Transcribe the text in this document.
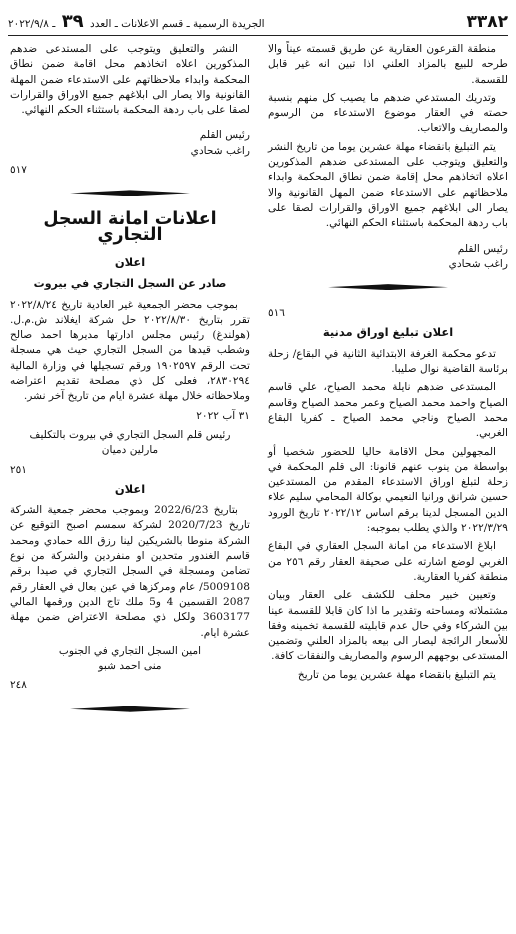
٣٣٨٢
الجريدة الرسمية ـ قسم الاعلانات ـ العدد ٣٩ ـ ٢٠٢٢/٩/٨

منطقة القرعون العقارية عن طريق قسمته عيناً والا طرحه للبيع بالمزاد العلني اذا تبين انه غير قابل للقسمة.

وتدريك المستدعي ضدهم ما يصيب كل منهم بنسبة حصته في العقار موضوع الاستدعاء من الرسوم والمصاريف والاتعاب.

يتم التبليغ بانقضاء مهلة عشرين يوما من تاريخ النشر والتعليق ويتوجب على المستدعى ضدهم المذكورين اعلاه اتخاذهم محل إقامة ضمن نطاق المحكمة وابداء ملاحظاتهم على الاستدعاء ضمن المهل القانونية والا يصار الى ابلاغهم جميع الاوراق والقرارات لصقا على باب ردهة المحكمة باستثناء الحكم النهائي.

رئيس القلم
راغب شحادي
٥١٦
اعلان تبليغ اوراق مدنية

تدعو محكمة الغرفة الابتدائية الثانية في البقاع/ زحلة برئاسة القاضية نوال صليبا.

المستدعى ضدهم نايلة محمد الصياح، علي قاسم الصياح واحمد محمد الصياح وعمر محمد الصياح وقاسم محمد الصياح وناجي محمد الصياح ـ كفريا البقاع الغربي.

المجهولين محل الاقامة حاليا للحضور شخصيا أو بواسطة من ينوب عنهم قانونا: الى قلم المحكمة في زحلة لتبلغ اوراق الاستدعاء المقدم من المستدعين حسين شرانق ورانيا النعيمي بوكالة المحامي سليم علاء الدين المسجل لدينا برقم اساس ٢٠٢٢/١٢ تاريخ الورود ٢٠٢٢/٣/٢٩ والذي يطلب بموجبه:

ابلاغ الاستدعاء من امانة السجل العقاري في البقاع الغربي لوضع اشارته على صحيفة العقار رقم ٢٥٦ من منطقة كفريا العقارية.

وتعيين خبير محلف للكشف على العقار وبيان مشتملاته ومساحته وتقدير ما اذا كان قابلا للقسمة عينا بين الشركاء وفي حال عدم قابليته للقسمة تخمينه وفقا للأسعار الرائجة ليصار الى بيعه بالمزاد العلني وتضمين المستدعى بوجههم الرسوم والمصاريف والنفقات كافة.

يتم التبليغ بانقضاء مهلة عشرين يوما من تاريخ

النشر والتعليق ويتوجب على المستدعى ضدهم المذكورين اعلاه اتخاذهم محل اقامة ضمن نطاق المحكمة وابداء ملاحظاتهم على الاستدعاء ضمن المهلة القانونية والا يصار الى ابلاغهم جميع الاوراق والقرارات لصقا على باب ردهة المحكمة باستثناء الحكم النهائي.

رئيس القلم
راغب شحادي
٥١٧
اعلانات امانة السجل التجاري
اعلان
صادر عن السجل التجاري في بيروت

بموجب محضر الجمعية غير العادية تاريخ ٢٠٢٢/٨/٢٤ تقرر بتاريخ ٢٠٢٢/٨/٣٠ حل شركة ايغلاند ش.م.ل. (هولندغ) رئيس مجلس ادارتها مديرها احمد صالح وشطب قيدها من السجل التجاري حيث هي مسجلة تحت الرقم ١٩٠٢٥٩٧ ورقم تسجيلها في وزارة المالية ٢٨٣٠٢٩٤، فعلى كل ذي مصلحة تقديم اعتراضه وملاحظاته خلال مهلة عشرة ايام من تاريخ آخر نشر.

٣١ آب ٢٠٢٢
رئيس قلم السجل التجاري في بيروت بالتكليف
مارلين دميان
٢٥١
اعلان

بتاريخ 2022/6/23 وبموجب محضر جمعية الشركة تاريخ 2020/7/23 لشركة سمسم اصبح التوقيع عن الشركة منوطا بالشريكين لينا رزق الله حمادي ومحمد قاسم الغندور متحدين او منفردين والشركة من نوع تضامن ومسجلة في السجل التجاري في صيدا برقم 5009108/ عام ومركزها في عين بعال في العقار رقم 2087 القسمين 4 و5 ملك تاج الدين ورقمها المالي 3603177 ولكل ذي مصلحة الاعتراض ضمن مهلة عشرة ايام.

امين السجل التجاري في الجنوب
منى احمد شبو
٢٤٨
